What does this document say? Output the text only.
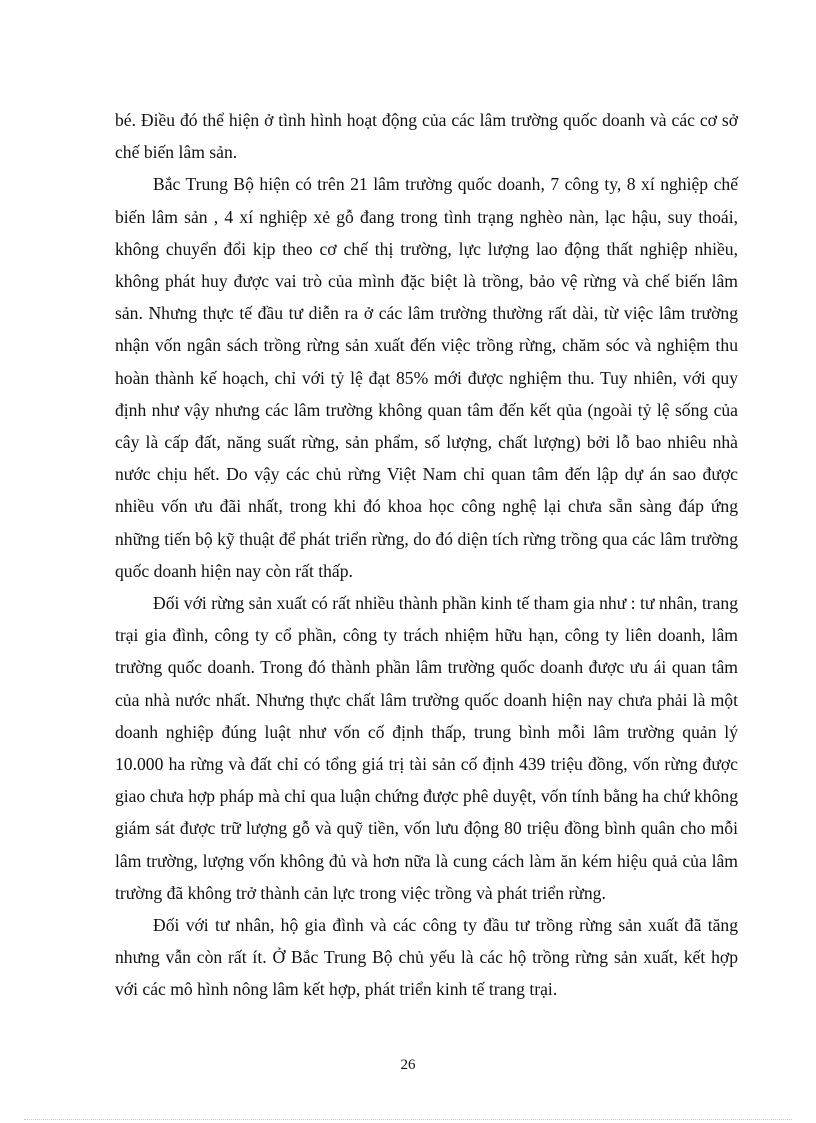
bé. Điều đó thể hiện ở tình hình hoạt động của các lâm trường quốc doanh và các cơ sở chế biến lâm sản.

Bắc Trung Bộ hiện có trên 21 lâm trường quốc doanh, 7 công ty, 8 xí nghiệp chế biến lâm sản , 4 xí nghiệp xẻ gỗ đang trong tình trạng nghèo nàn, lạc hậu, suy thoái, không chuyển đổi kịp theo cơ chế thị trường, lực lượng lao động thất nghiệp nhiều, không phát huy được vai trò của mình đặc biệt là trồng, bảo vệ rừng và chế biến lâm sản. Nhưng thực tế đầu tư diễn ra ở các lâm trường thường rất dài, từ việc lâm trường nhận vốn ngân sách trồng rừng sản xuất đến việc trồng rừng, chăm sóc và nghiệm thu hoàn thành kế hoạch, chỉ với tỷ lệ đạt 85% mới được nghiệm thu. Tuy nhiên, với quy định như vậy nhưng các lâm trường không quan tâm đến kết qủa (ngoài tỷ lệ sống của cây là cấp đất, năng suất rừng, sản phẩm, số lượng, chất lượng) bởi lỗ bao nhiêu nhà nước chịu hết. Do vậy các chủ rừng Việt Nam chỉ quan tâm đến lập dự án sao được nhiều vốn ưu đãi nhất, trong khi đó khoa học công nghệ lại chưa sẵn sàng đáp ứng những tiến bộ kỹ thuật để phát triển rừng, do đó diện tích rừng trồng qua các lâm trường quốc doanh hiện nay còn rất thấp.

Đối với rừng sản xuất có rất nhiều thành phần kinh tế tham gia như : tư nhân, trang trại gia đình, công ty cổ phần, công ty trách nhiệm hữu hạn, công ty liên doanh, lâm trường quốc doanh. Trong đó thành phần lâm trường quốc doanh được ưu ái quan tâm của nhà nước nhất. Nhưng thực chất lâm trường quốc doanh hiện nay chưa phải là một doanh nghiệp đúng luật như vốn cố định thấp, trung bình mỗi lâm trường quản lý 10.000 ha rừng và đất chỉ có tổng giá trị tài sản cố định 439 triệu đồng, vốn rừng được giao chưa hợp pháp mà chỉ qua luận chứng được phê duyệt, vốn tính bằng ha chứ không giám sát được trữ lượng gỗ và quỹ tiền, vốn lưu động 80 triệu đồng bình quân cho mỗi lâm trường, lượng vốn không đủ và hơn nữa là cung cách làm ăn kém hiệu quả của lâm trường đã không trở thành cản lực trong việc trồng và phát triển rừng.

Đối với tư nhân, hộ gia đình và các công ty đầu tư trồng rừng sản xuất đã tăng nhưng vẫn còn rất ít. Ở Bắc Trung Bộ chủ yếu là các hộ trồng rừng sản xuất, kết hợp với các mô hình nông lâm kết hợp, phát triển kinh tế trang trại.

26
